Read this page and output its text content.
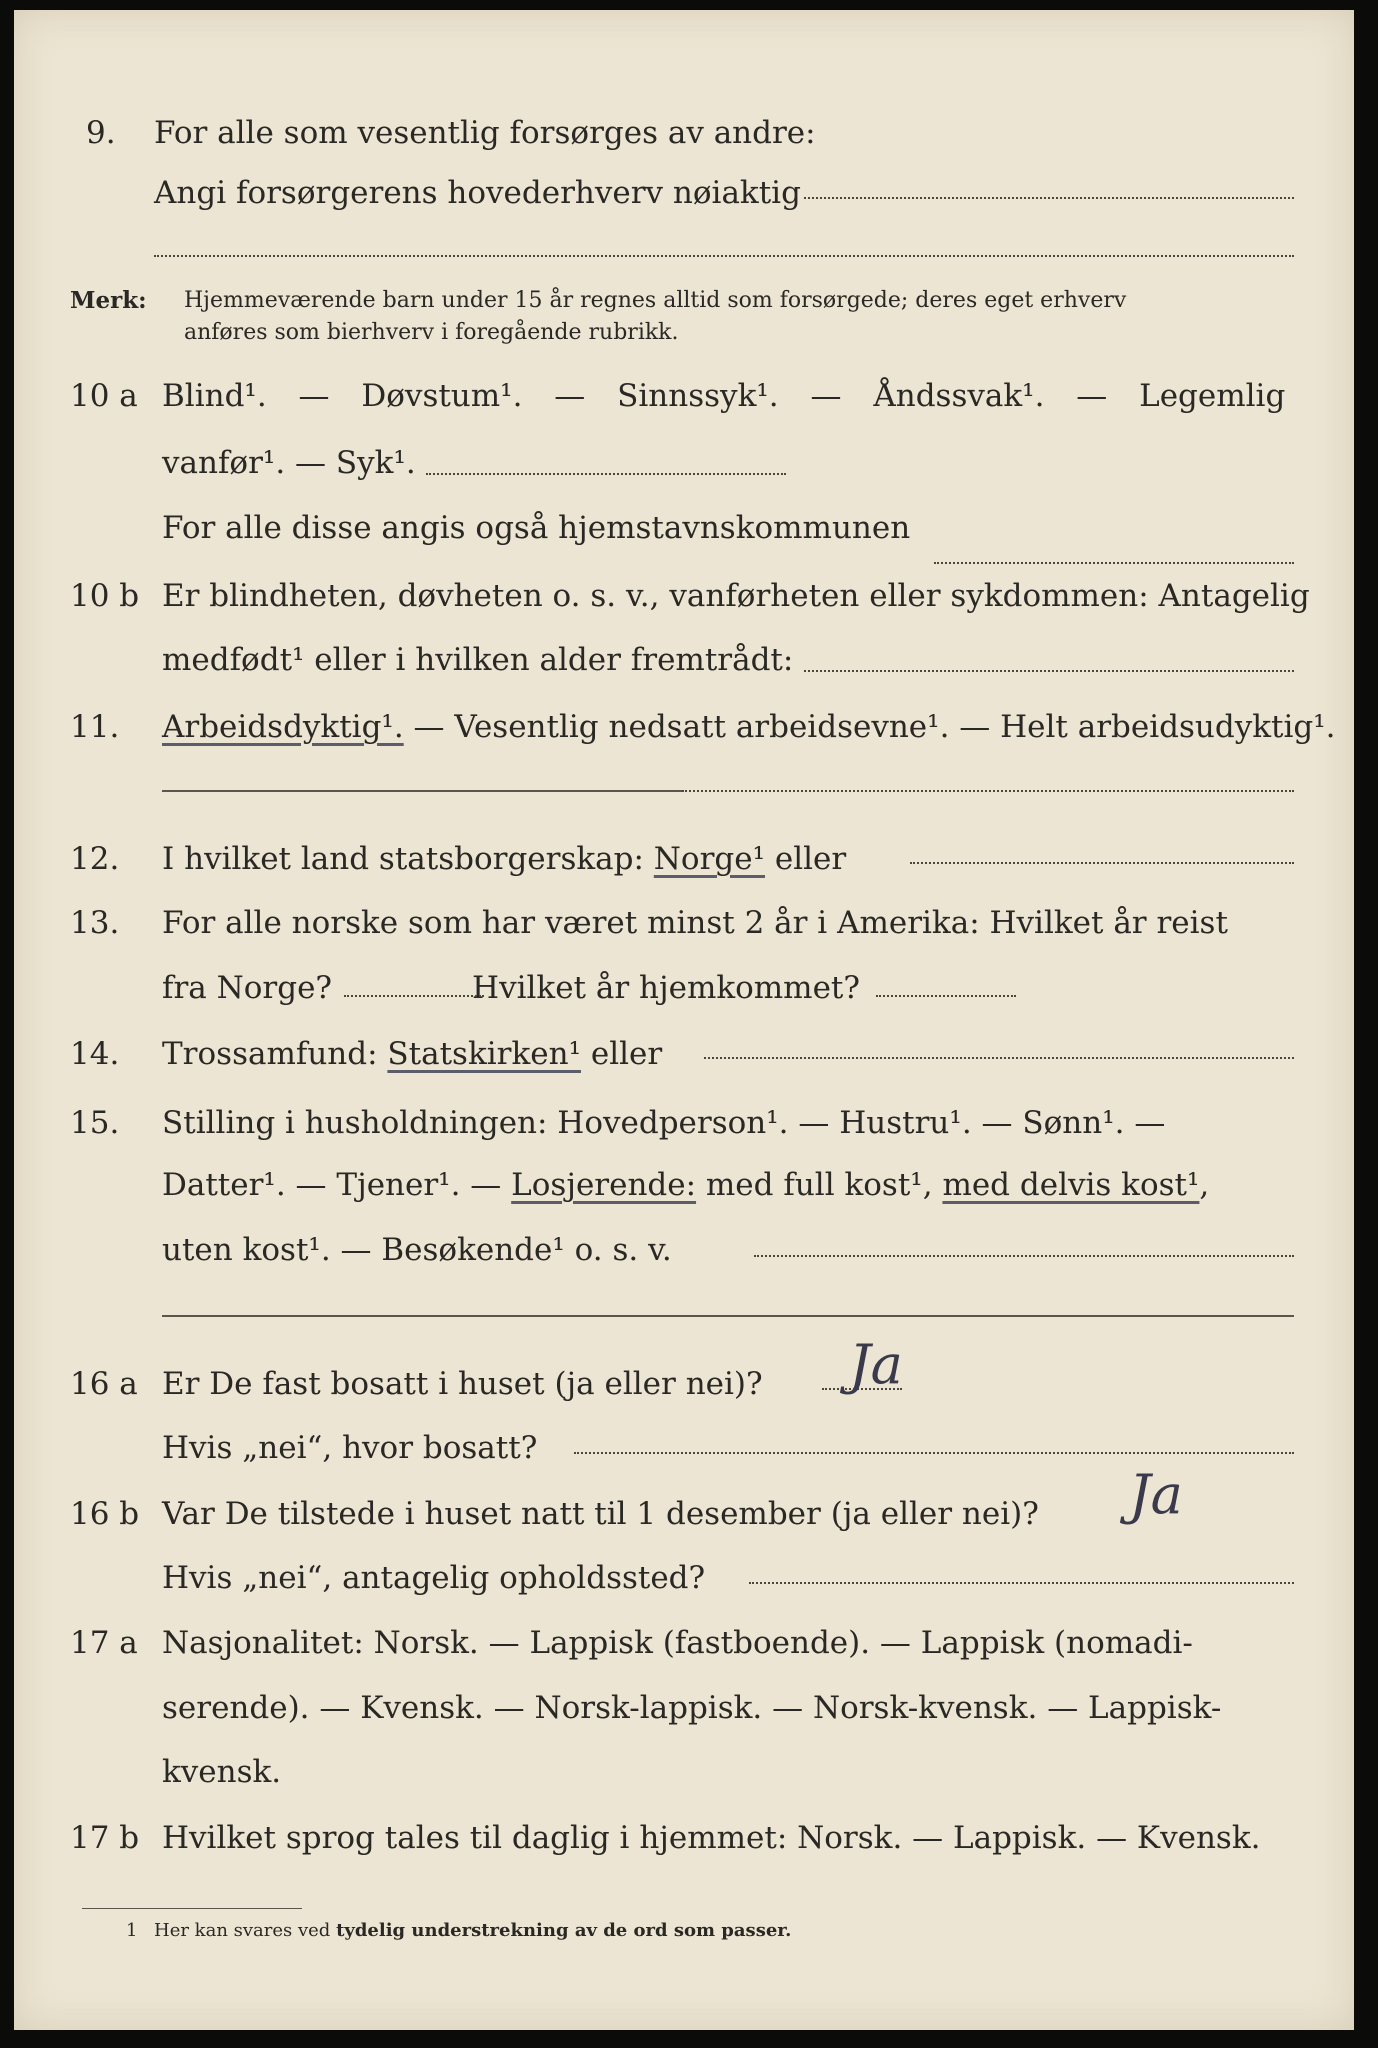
9. For alle som vesentlig forsørges av andre:
Angi forsørgerens hovederhverv nøiaktig
Merk: Hjemmeværende barn under 15 år regnes alltid som forsørgede; deres eget erhverv
anføres som bierhverv i foregående rubrikk.
10 a Blind¹. — Døvstum¹. — Sinnssyk¹. — Åndssvak¹. — Legemlig
vanfør¹. — Syk¹.
For alle disse angis også hjemstavnskommunen
10 b Er blindheten, døvheten o. s. v., vanførheten eller sykdommen: Antagelig
medfødt¹ eller i hvilken alder fremtrådt:
11. Arbeidsdyktig¹. — Vesentlig nedsatt arbeidsevne¹. — Helt arbeidsudyktig¹.
12. I hvilket land statsborgerskap: Norge¹ eller
13. For alle norske som har været minst 2 år i Amerika: Hvilket år reist
fra Norge?	Hvilket år hjemkommet?
14. Trossamfund: Statskirken¹ eller
15. Stilling i husholdningen: Hovedperson¹. — Hustru¹. — Sønn¹. —
Datter¹. — Tjener¹. — Losjerende: med full kost¹, med delvis kost¹,
uten kost¹. — Besøkende¹ o. s. v.
16 a Er De fast bosatt i huset (ja eller nei)? Ja
Hvis „nei“, hvor bosatt?
16 b Var De tilstede i huset natt til 1 desember (ja eller nei)? Ja
Hvis „nei“, antagelig opholdssted?
17 a Nasjonalitet: Norsk. — Lappisk (fastboende). — Lappisk (nomadi-
serende). — Kvensk. — Norsk-lappisk. — Norsk-kvensk. — Lappisk-
kvensk.
17 b Hvilket sprog tales til daglig i hjemmet: Norsk. — Lappisk. — Kvensk.
1 Her kan svares ved tydelig understrekning av de ord som passer.
